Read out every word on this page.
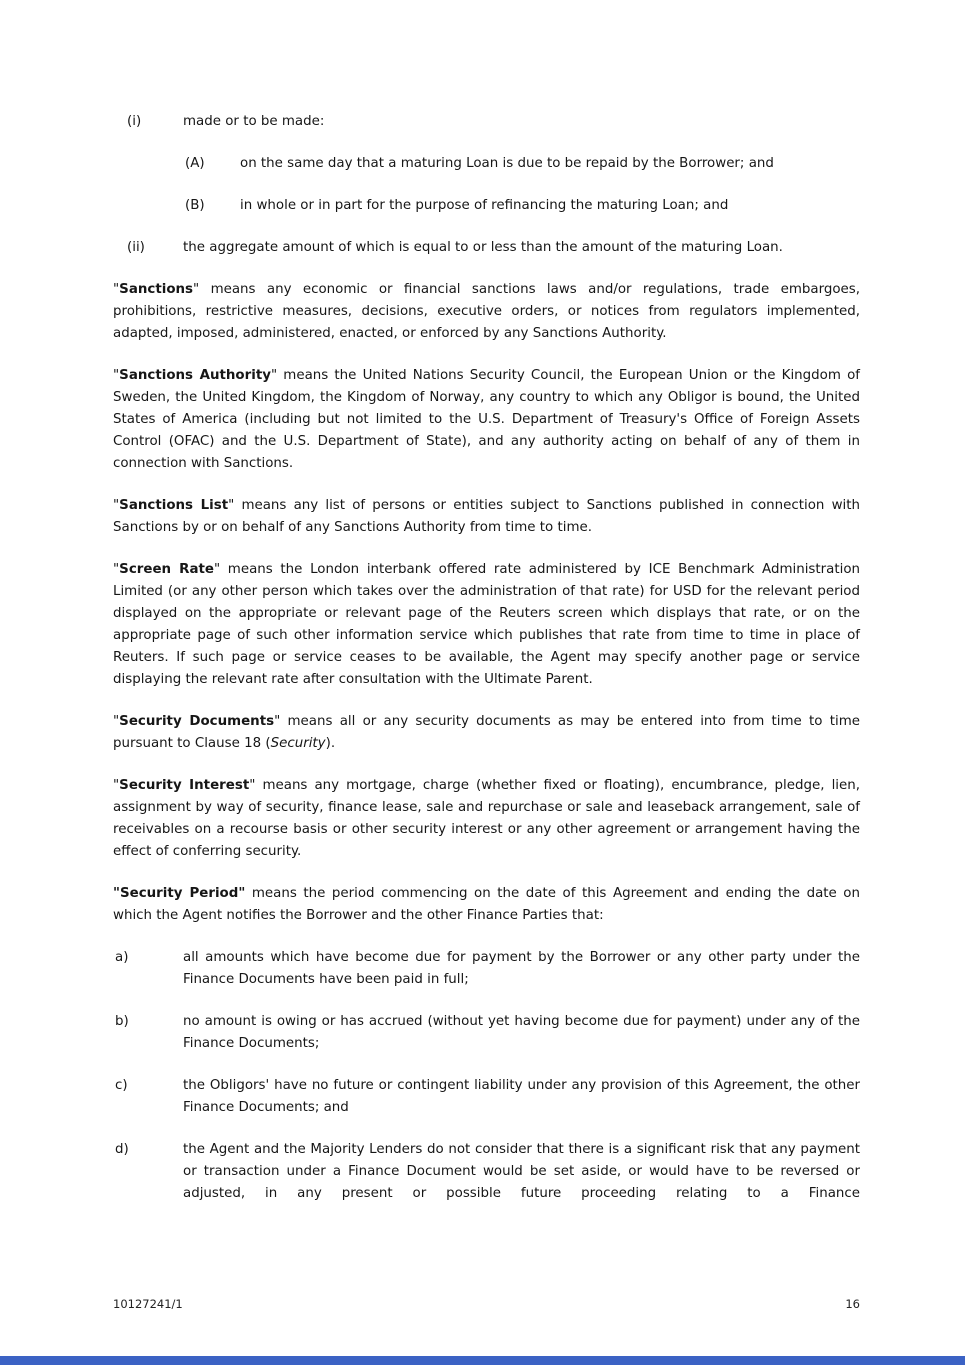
(i)	made or to be made:
(A)	on the same day that a maturing Loan is due to be repaid by the Borrower; and
(B)	in whole or in part for the purpose of refinancing the maturing Loan; and
(ii)	the aggregate amount of which is equal to or less than the amount of the maturing Loan.

"Sanctions" means any economic or financial sanctions laws and/or regulations, trade embargoes, prohibitions, restrictive measures, decisions, executive orders, or notices from regulators implemented, adapted, imposed, administered, enacted, or enforced by any Sanctions Authority.

"Sanctions Authority" means the United Nations Security Council, the European Union or the Kingdom of Sweden, the United Kingdom, the Kingdom of Norway, any country to which any Obligor is bound, the United States of America (including but not limited to the U.S. Department of Treasury's Office of Foreign Assets Control (OFAC) and the U.S. Department of State), and any authority acting on behalf of any of them in connection with Sanctions.

"Sanctions List" means any list of persons or entities subject to Sanctions published in connection with Sanctions by or on behalf of any Sanctions Authority from time to time.

"Screen Rate" means the London interbank offered rate administered by ICE Benchmark Administration Limited (or any other person which takes over the administration of that rate) for USD for the relevant period displayed on the appropriate or relevant page of the Reuters screen which displays that rate, or on the appropriate page of such other information service which publishes that rate from time to time in place of Reuters. If such page or service ceases to be available, the Agent may specify another page or service displaying the relevant rate after consultation with the Ultimate Parent.

"Security Documents" means all or any security documents as may be entered into from time to time pursuant to Clause 18 (Security).

"Security Interest" means any mortgage, charge (whether fixed or floating), encumbrance, pledge, lien, assignment by way of security, finance lease, sale and repurchase or sale and leaseback arrangement, sale of receivables on a recourse basis or other security interest or any other agreement or arrangement having the effect of conferring security.

"Security Period" means the period commencing on the date of this Agreement and ending the date on which the Agent notifies the Borrower and the other Finance Parties that:

a)	all amounts which have become due for payment by the Borrower or any other party under the Finance Documents have been paid in full;
b)	no amount is owing or has accrued (without yet having become due for payment) under any of the Finance Documents;
c)	the Obligors' have no future or contingent liability under any provision of this Agreement, the other Finance Documents; and
d)	the Agent and the Majority Lenders do not consider that there is a significant risk that any payment or transaction under a Finance Document would be set aside, or would have to be reversed or adjusted, in any present or possible future proceeding relating to a Finance
10127241/1	16
